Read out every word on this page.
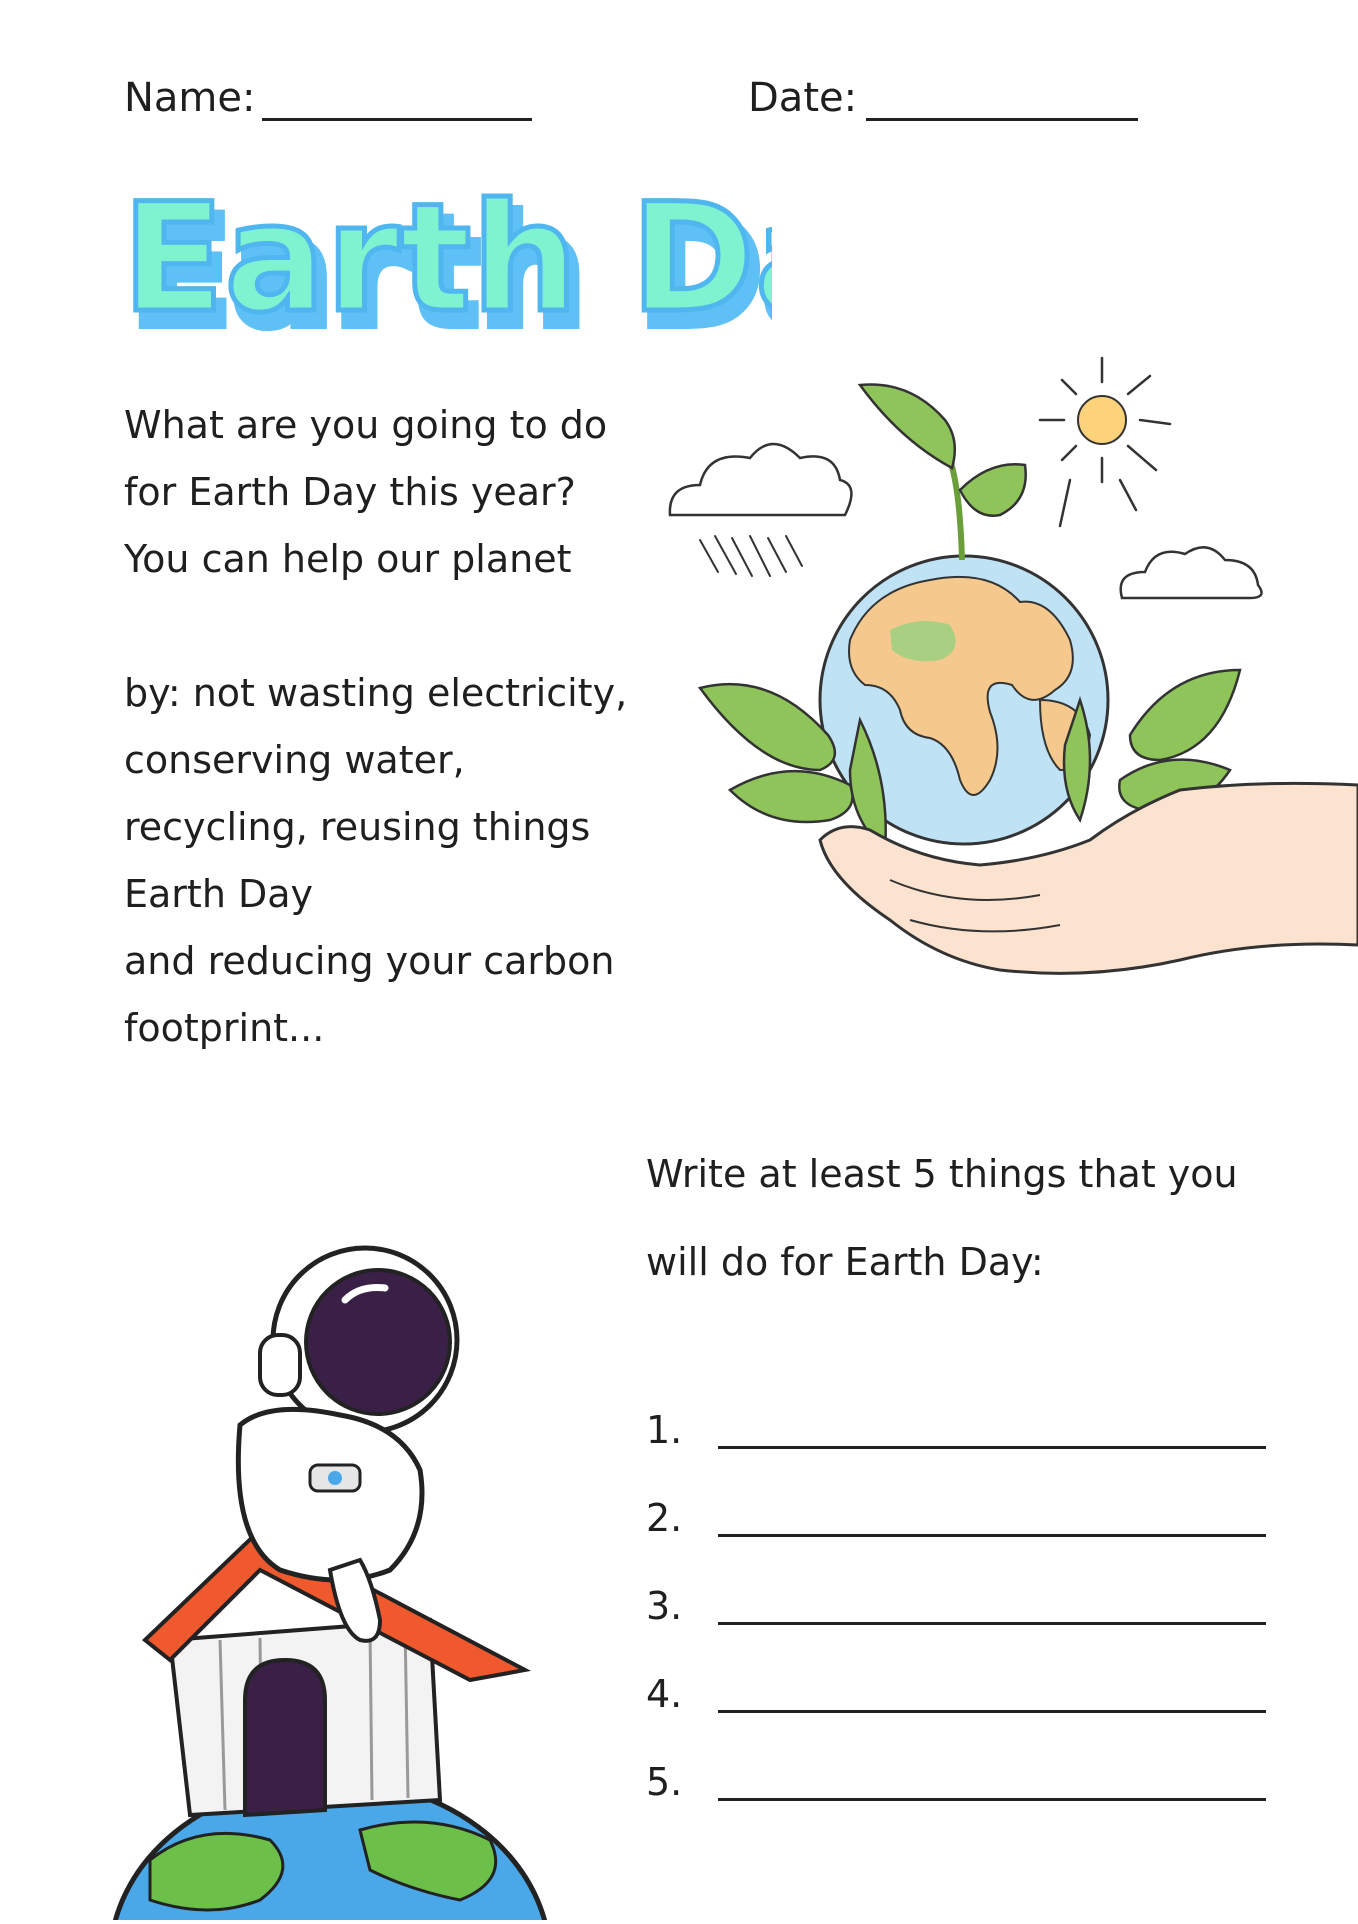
Name:	Date:
Earth D
Earth D

What are you going to do

for Earth Day this year?

You can help our planet

by: not wasting electricity,

conserving water,

recycling, reusing things

Earth Day

and reducing your carbon

footprint...

Write at least 5 things that you

will do for Earth Day:

1.
2.
3.
4.
5.
